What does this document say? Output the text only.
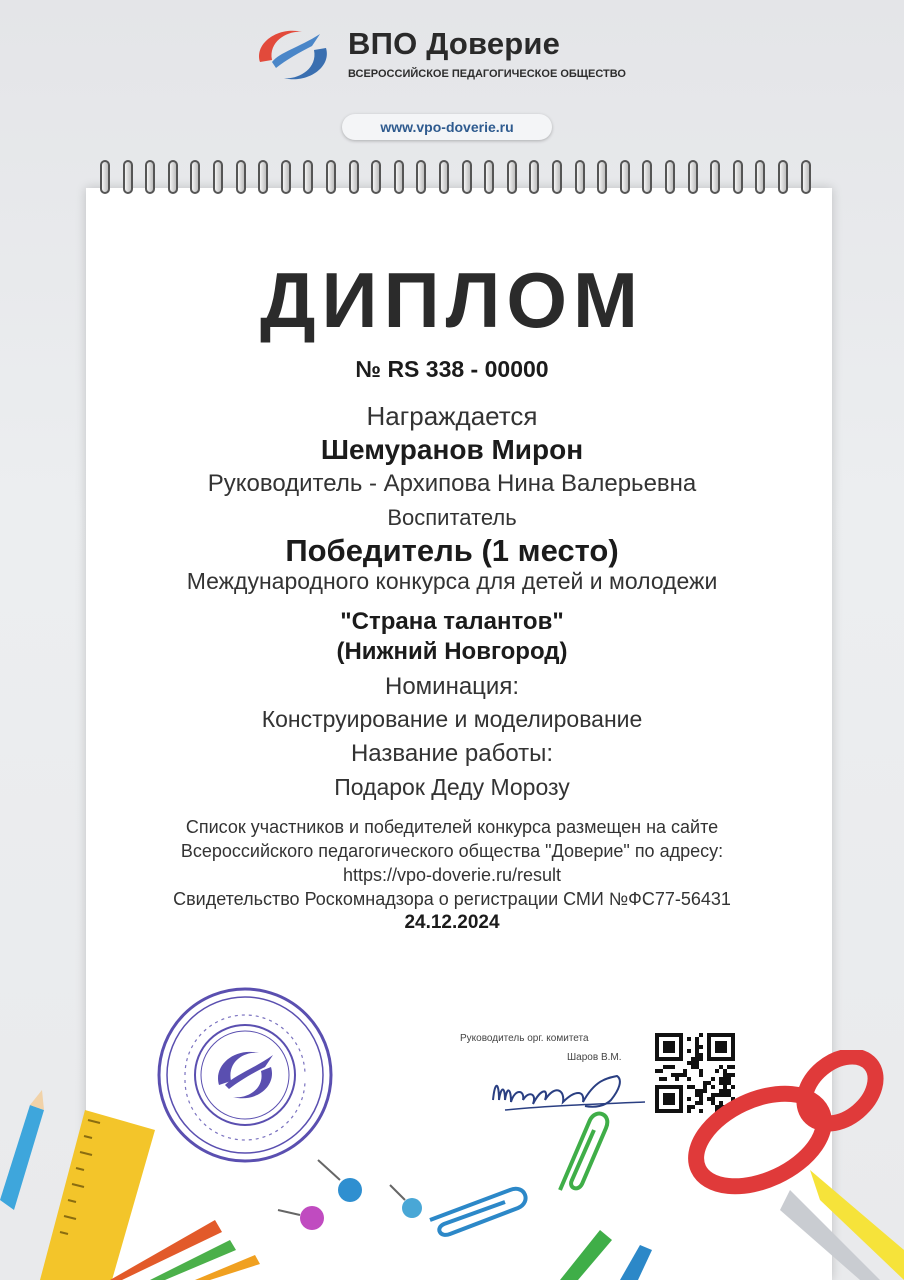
ВПО Доверие
ВСЕРОССИЙСКОЕ ПЕДАГОГИЧЕСКОЕ ОБЩЕСТВО
www.vpo-doverie.ru
ДИПЛОМ
№ RS 338 - 00000
Награждается
Шемуранов Мирон
Руководитель - Архипова Нина Валерьевна
Воспитатель
Победитель (1 место)
Международного конкурса для детей и молодежи
"Страна талантов"
(Нижний Новгород)
Номинация:
Конструирование и моделирование
Название работы:
Подарок Деду Морозу
Список участников и победителей конкурса размещен на сайте
Всероссийского педагогического общества "Доверие" по адресу:
https://vpo-doverie.ru/result
Свидетельство Роскомнадзора о регистрации СМИ №ФС77-56431
24.12.2024
Руководитель орг. комитета
Шаров В.М.
